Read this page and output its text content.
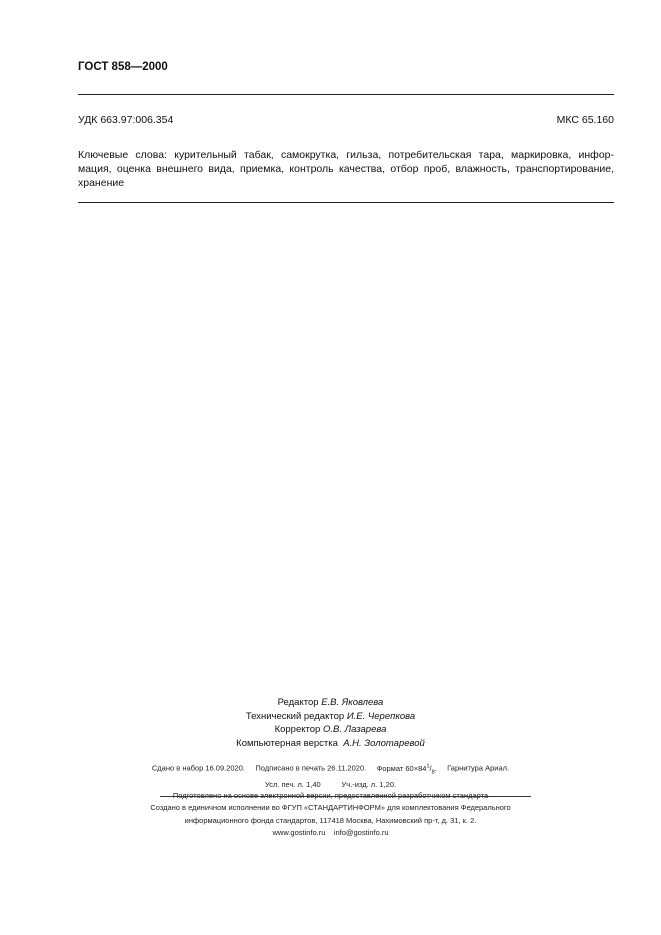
ГОСТ 858—2000
УДК 663.97:006.354	МКС 65.160
Ключевые слова: курительный табак, самокрутка, гильза, потребительская тара, маркировка, инфор-
мация, оценка внешнего вида, приемка, контроль качества, отбор проб, влажность, транспортирование,
хранение
Редактор Е.В. Яковлева
Технический редактор И.Е. Черепкова
Корректор О.В. Лазарева
Компьютерная верстка А.Н. Золотаревой
Сдано в набор 16.09.2020. Подписано в печать 26.11.2020. Формат $60\times 84^1/_8$. Гарнитура Ариал.
Усл. печ. л. 1,40	Уч.-изд. л. 1,20.
Подготовлено на основе электронной версии, предоставленной разработчиком стандарта
Создано в единичном исполнении во ФГУП «СТАНДАРТИНФОРМ» для комплектования Федерального
информационного фонда стандартов, 117418 Москва, Нахимовский пр-т, д. 31, к. 2.
www.gostinfo.ru info@gostinfo.ru
